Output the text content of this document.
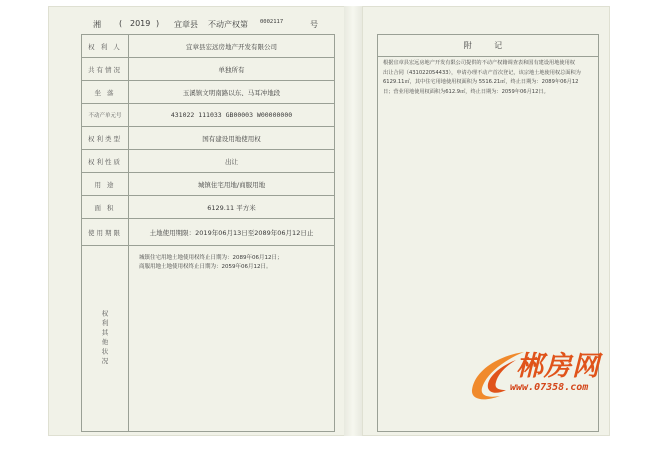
湘 ( 2019 ) 宜章县 不动产权第 0002117	号
权 利 人	宜章县宏远房地产开发有限公司
共有情况	单独所有
坐 落	玉溪镇文明南路以东、马耳冲地段
不动产单元号	431022 111033 GB00003 W00000000
权利类型	国有建设用地使用权
权利性质	出让
用 途	城镇住宅用地/商服用地
面 积	6129.11 平方米
使用期限	土地使用期限：2019年06月13日至2089年06月12日止
权利其他状况	城镇住宅用地土地使用权终止日期为：2089年06月12日；
商服用地土地使用权终止日期为：2059年06月12日。
附 记
根据宜章县宏远房地产开发有限公司提供的不动产权籍调查表和国有建设用地使用权
出让合同（431022054433），申请办理不动产首次登记，该宗地土地使用权总面积为
6129.11㎡，其中住宅用地使用权面积为 5516.21㎡，终止日期为：2089年06月12
日；营业用地使用权面积为612.9㎡，终止日期为：2059年06月12日。
郴房网
www.07358.com
